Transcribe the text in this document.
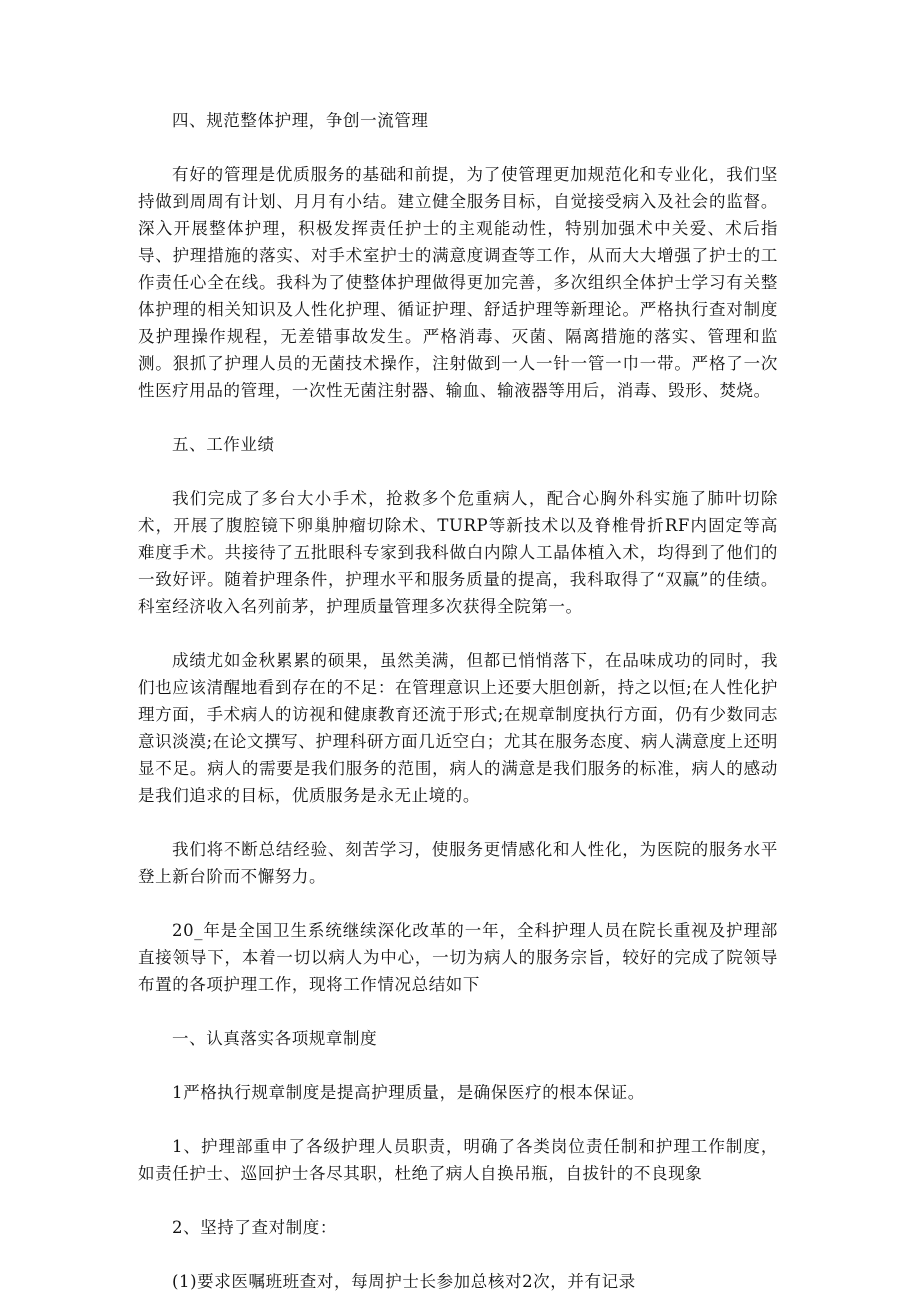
四、规范整体护理，争创一流管理

有好的管理是优质服务的基础和前提，为了使管理更加规范化和专业化，我们坚持做到周周有计划、月月有小结。建立健全服务目标，自觉接受病入及社会的监督。深入开展整体护理，积极发挥责任护士的主观能动性，特别加强术中关爱、术后指导、护理措施的落实、对手术室护士的满意度调查等工作，从而大大增强了护士的工作责任心全在线。我科为了使整体护理做得更加完善，多次组织全体护士学习有关整体护理的相关知识及人性化护理、循证护理、舒适护理等新理论。严格执行查对制度及护理操作规程，无差错事故发生。严格消毒、灭菌、隔离措施的落实、管理和监测。狠抓了护理人员的无菌技术操作，注射做到一人一针一管一巾一带。严格了一次性医疗用品的管理，一次性无菌注射器、输血、输液器等用后，消毒、毁形、焚烧。

五、工作业绩

我们完成了多台大小手术，抢救多个危重病人，配合心胸外科实施了肺叶切除术，开展了腹腔镜下卵巢肿瘤切除术、TURP等新技术以及脊椎骨折RF内固定等高难度手术。共接待了五批眼科专家到我科做白内隙人工晶体植入术，均得到了他们的一致好评。随着护理条件，护理水平和服务质量的提高，我科取得了“双赢”的佳绩。科室经济收入名列前茅，护理质量管理多次获得全院第一。

成绩尤如金秋累累的硕果，虽然美满，但都已悄悄落下，在品味成功的同时，我们也应该清醒地看到存在的不足：在管理意识上还要大胆创新，持之以恒;在人性化护理方面，手术病人的访视和健康教育还流于形式;在规章制度执行方面，仍有少数同志意识淡漠;在论文撰写、护理科研方面几近空白；尤其在服务态度、病人满意度上还明显不足。病人的需要是我们服务的范围，病人的满意是我们服务的标准，病人的感动是我们追求的目标，优质服务是永无止境的。

我们将不断总结经验、刻苦学习，使服务更情感化和人性化，为医院的服务水平登上新台阶而不懈努力。

20_年是全国卫生系统继续深化改革的一年，全科护理人员在院长重视及护理部直接领导下，本着一切以病人为中心，一切为病人的服务宗旨，较好的完成了院领导布置的各项护理工作，现将工作情况总结如下

一、认真落实各项规章制度

1严格执行规章制度是提高护理质量，是确保医疗的根本保证。

1、护理部重申了各级护理人员职责，明确了各类岗位责任制和护理工作制度，如责任护士、巡回护士各尽其职，杜绝了病人自换吊瓶，自拔针的不良现象

2、坚持了查对制度：

(1)要求医嘱班班查对，每周护士长参加总核对2次，并有记录
